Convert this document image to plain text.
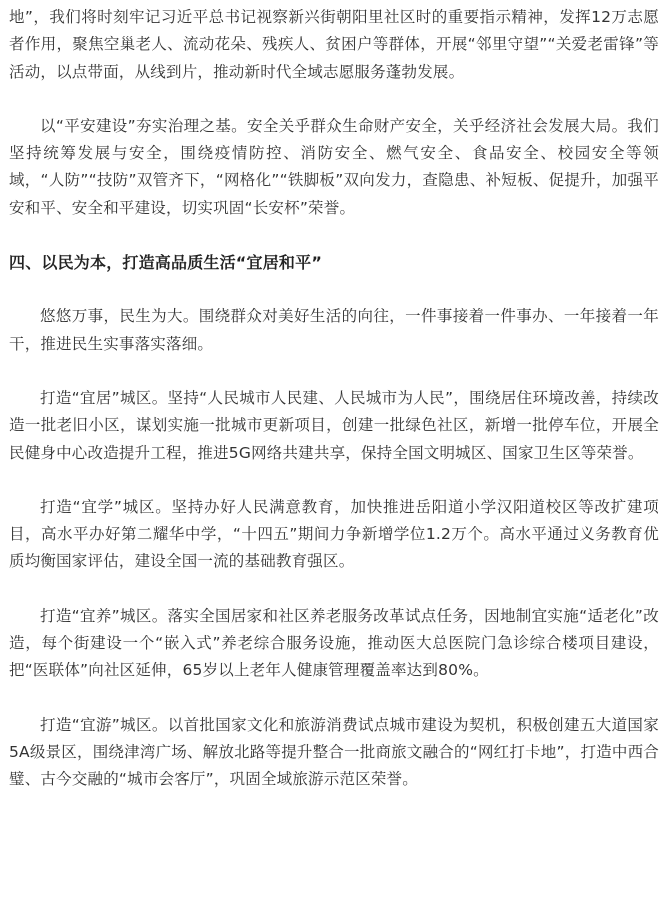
地”，我们将时刻牢记习近平总书记视察新兴街朝阳里社区时的重要指示精神，发挥12万志愿者作用，聚焦空巢老人、流动花朵、残疾人、贫困户等群体，开展“邻里守望”“关爱老雷锋”等活动，以点带面，从线到片，推动新时代全域志愿服务蓬勃发展。

以“平安建设”夯实治理之基。安全关乎群众生命财产安全，关乎经济社会发展大局。我们坚持统筹发展与安全，围绕疫情防控、消防安全、燃气安全、食品安全、校园安全等领域，“人防”“技防”双管齐下，“网格化”“铁脚板”双向发力，查隐患、补短板、促提升，加强平安和平、安全和平建设，切实巩固“长安杯”荣誉。

四、以民为本，打造高品质生活“宜居和平”

悠悠万事，民生为大。围绕群众对美好生活的向往，一件事接着一件事办、一年接着一年干，推进民生实事落实落细。

打造“宜居”城区。坚持“人民城市人民建、人民城市为人民”，围绕居住环境改善，持续改造一批老旧小区，谋划实施一批城市更新项目，创建一批绿色社区，新增一批停车位，开展全民健身中心改造提升工程，推进5G网络共建共享，保持全国文明城区、国家卫生区等荣誉。

打造“宜学”城区。坚持办好人民满意教育，加快推进岳阳道小学汉阳道校区等改扩建项目，高水平办好第二耀华中学，“十四五”期间力争新增学位1.2万个。高水平通过义务教育优质均衡国家评估，建设全国一流的基础教育强区。

打造“宜养”城区。落实全国居家和社区养老服务改革试点任务，因地制宜实施“适老化”改造，每个街建设一个“嵌入式”养老综合服务设施，推动医大总医院门急诊综合楼项目建设，把“医联体”向社区延伸，65岁以上老年人健康管理覆盖率达到80%。

打造“宜游”城区。以首批国家文化和旅游消费试点城市建设为契机，积极创建五大道国家5A级景区，围绕津湾广场、解放北路等提升整合一批商旅文融合的“网红打卡地”，打造中西合璧、古今交融的“城市会客厅”，巩固全域旅游示范区荣誉。
